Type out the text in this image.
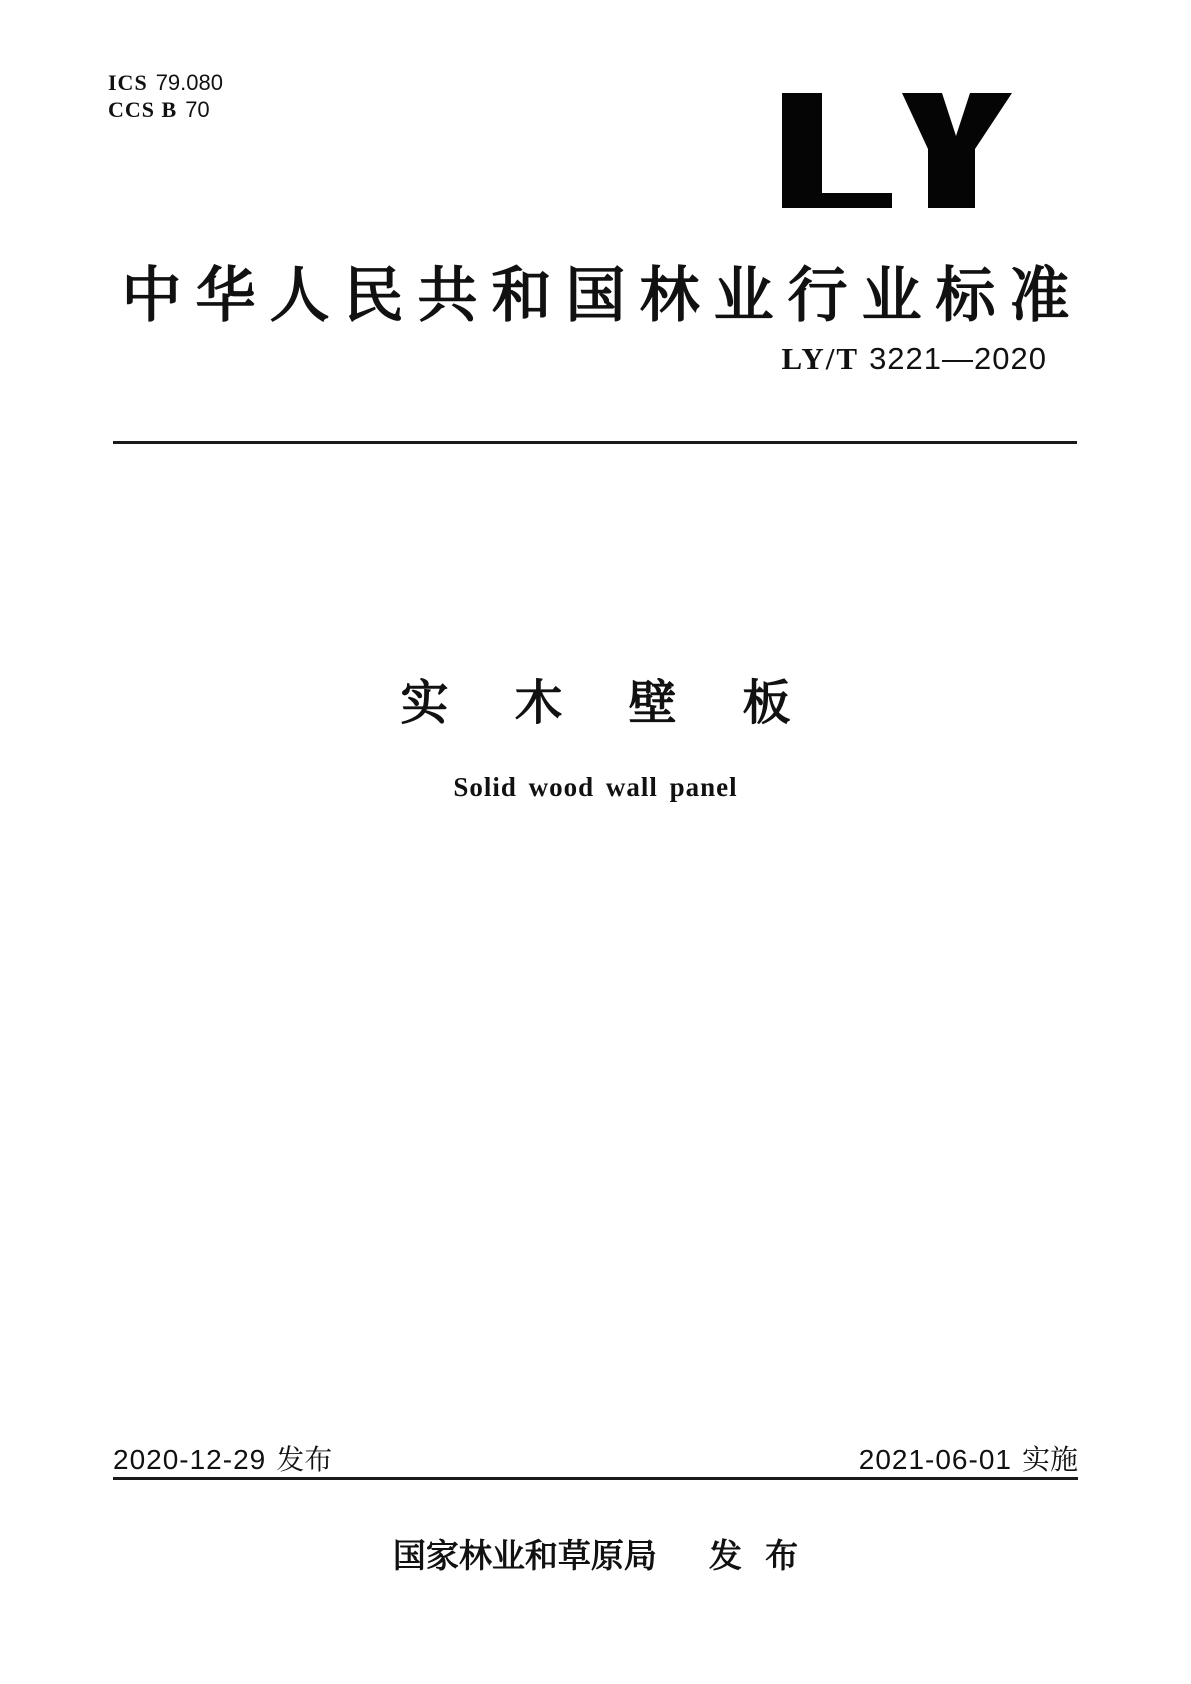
ICS 79.080
CCS B 70
中华人民共和国林业行业标准
LY/T 3221—2020
实木壁板
Solid wood wall panel
2020-12-29 发布	2021-06-01 实施
国家林业和草原局 发 布
